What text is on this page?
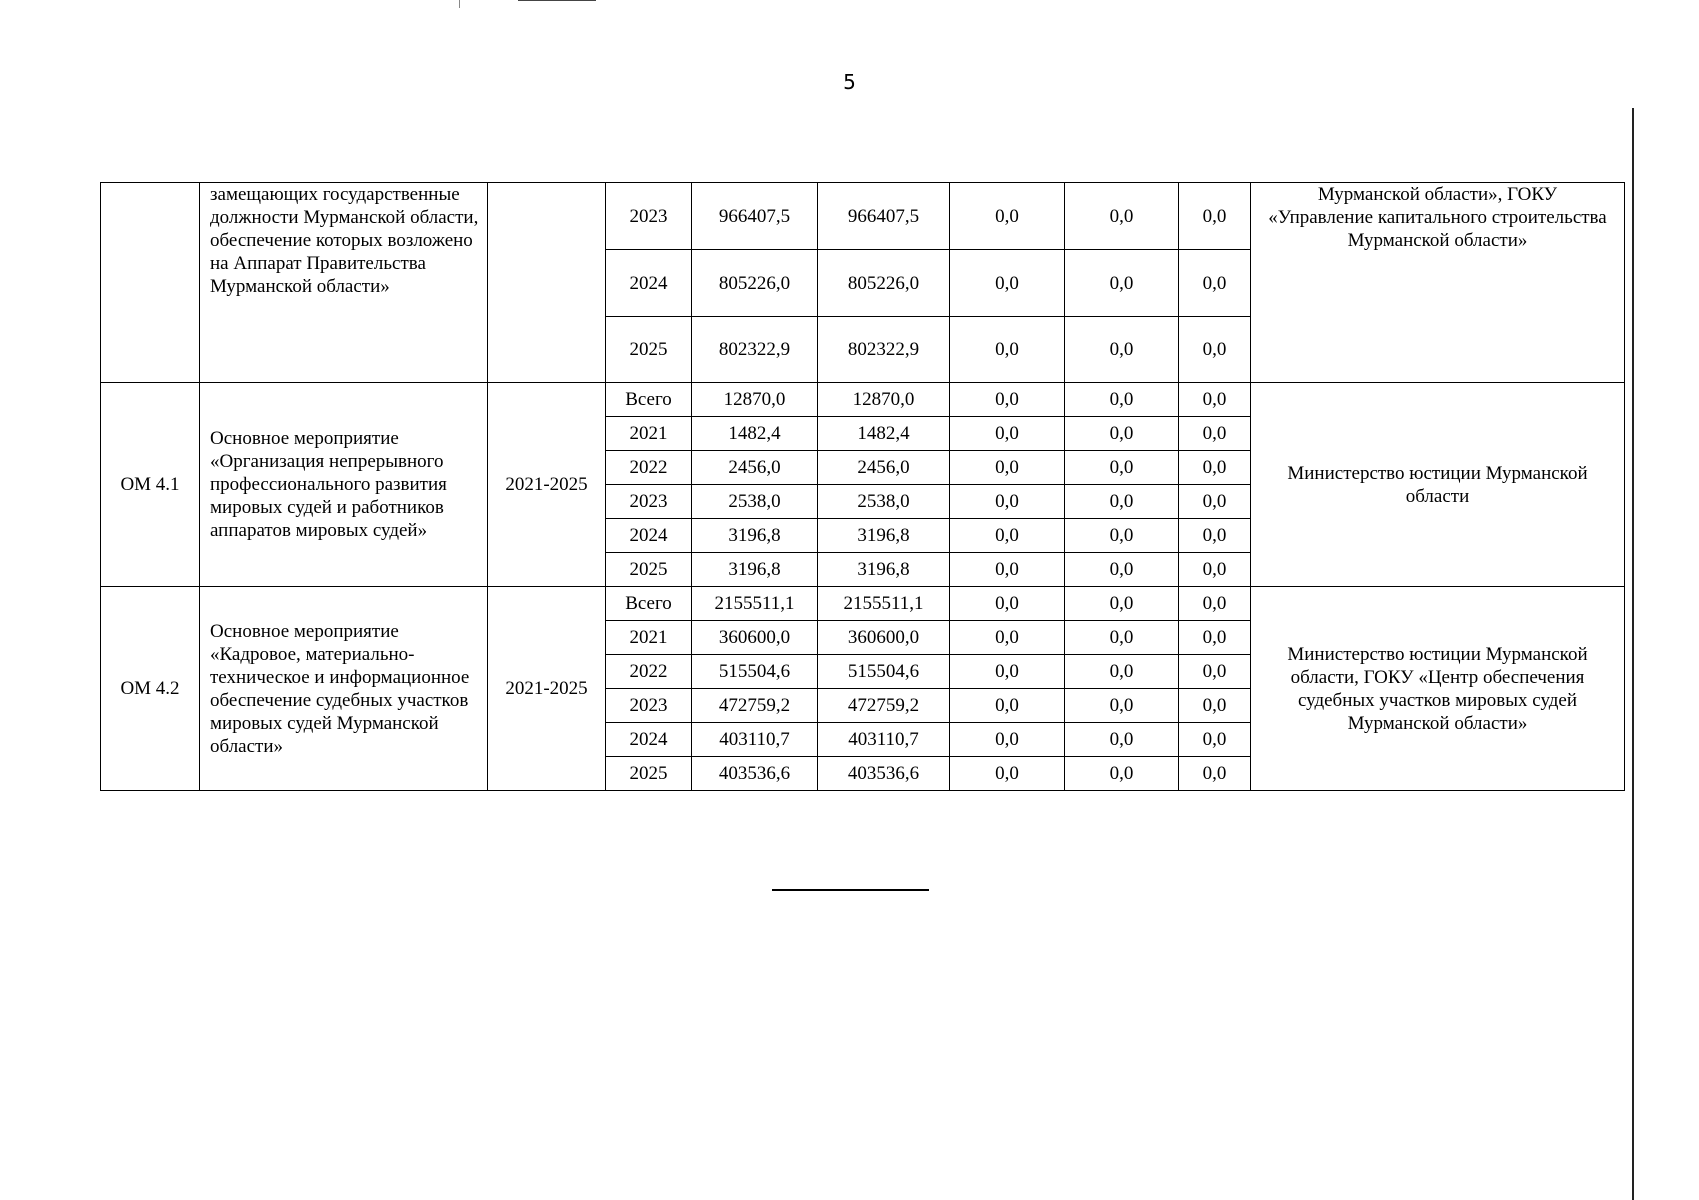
5
	замещающих государственные должности Мурманской области, обеспечение которых возложено на Аппарат Правительства Мурманской области»		2023	966407,5	966407,5	0,0	0,0	0,0	Мурманской области», ГОКУ «Управление капитального строительства Мурманской области»
			2024	805226,0	805226,0	0,0	0,0	0,0	
			2025	802322,9	802322,9	0,0	0,0	0,0	
ОМ 4.1	Основное мероприятие «Организация непрерывного профессионального развития мировых судей и работников аппаратов мировых судей»	2021-2025	Всего	12870,0	12870,0	0,0	0,0	0,0	Министерство юстиции Мурманской области
			2021	1482,4	1482,4	0,0	0,0	0,0	
			2022	2456,0	2456,0	0,0	0,0	0,0	
			2023	2538,0	2538,0	0,0	0,0	0,0	
			2024	3196,8	3196,8	0,0	0,0	0,0	
			2025	3196,8	3196,8	0,0	0,0	0,0	
ОМ 4.2	Основное мероприятие «Кадровое, материально-техническое и информационное обеспечение судебных участков мировых судей Мурманской области»	2021-2025	Всего	2155511,1	2155511,1	0,0	0,0	0,0	Министерство юстиции Мурманской области, ГОКУ «Центр обеспечения судебных участков мировых судей Мурманской области»
			2021	360600,0	360600,0	0,0	0,0	0,0	
			2022	515504,6	515504,6	0,0	0,0	0,0	
			2023	472759,2	472759,2	0,0	0,0	0,0	
			2024	403110,7	403110,7	0,0	0,0	0,0	
			2025	403536,6	403536,6	0,0	0,0	0,0	
